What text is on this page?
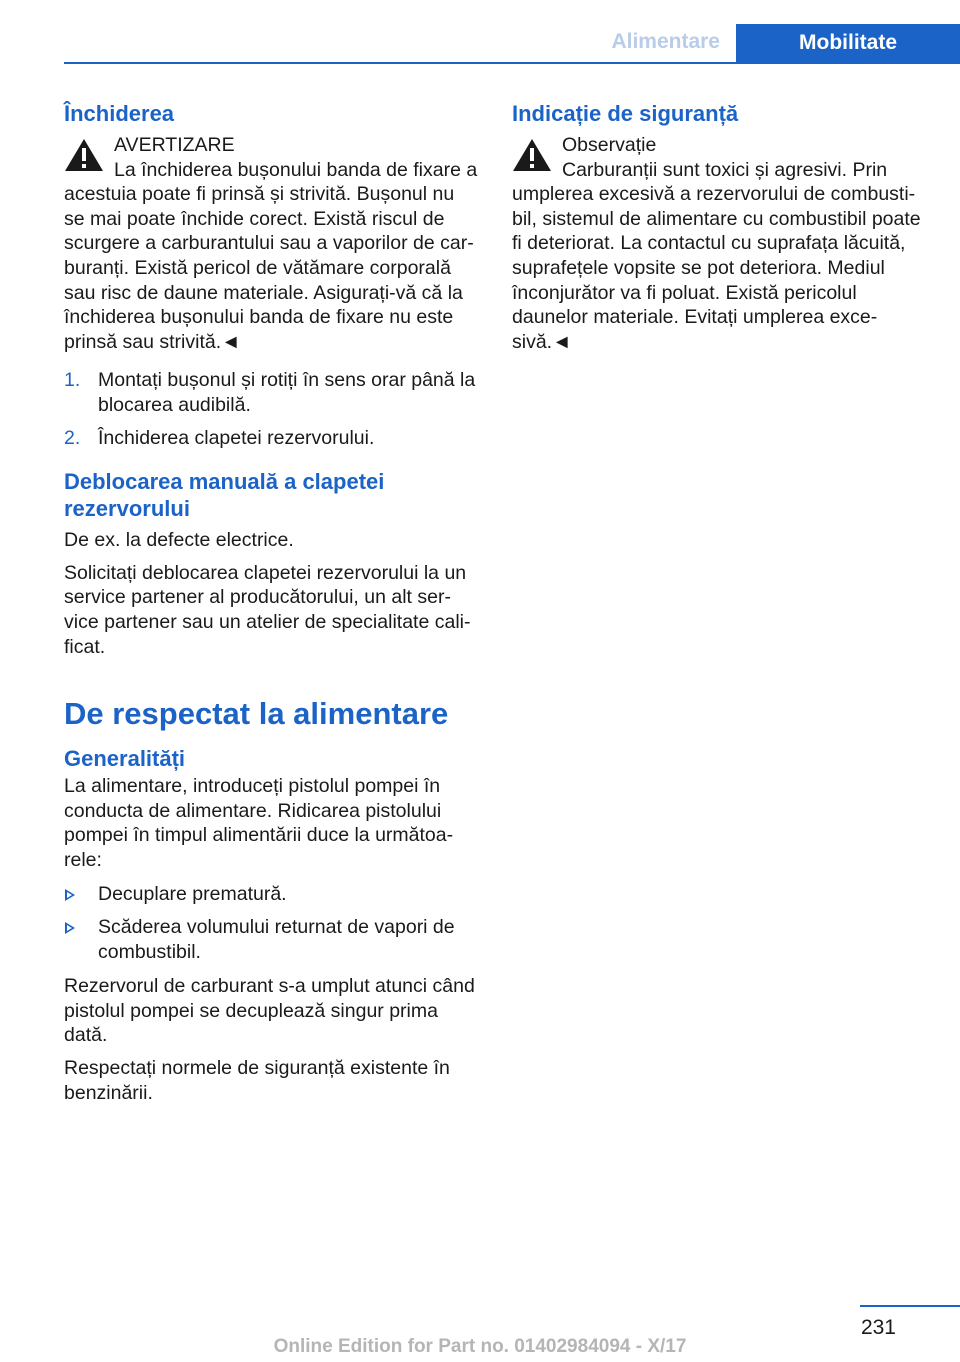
Alimentare	Mobilitate
Închiderea
AVERTIZARE
La închiderea bușonului banda de fixare a acestuia poate fi prinsă și strivită. Bușonul nu se mai poate închide corect. Există riscul de scurgere a carburantului sau a vaporilor de car-buranți. Există pericol de vătămare corporală sau risc de daune materiale. Asigurați-vă că la închiderea bușonului banda de fixare nu este prinsă sau strivită.◄
1. Montați bușonul și rotiți în sens orar până la blocarea audibilă.
2. Închiderea clapetei rezervorului.
Deblocarea manuală a clapetei rezervorului

De ex. la defecte electrice.

Solicitați deblocarea clapetei rezervorului la un service partener al producătorului, un alt ser-vice partener sau un atelier de specialitate cali-ficat.

De respectat la alimentare
Generalități

La alimentare, introduceți pistolul pompei în conducta de alimentare. Ridicarea pistolului pompei în timpul alimentării duce la următoa-rele:

Decuplare prematură.
Scăderea volumului returnat de vapori de combustibil.

Rezervorul de carburant s-a umplut atunci când pistolul pompei se decuplează singur prima dată.

Respectați normele de siguranță existente în benzinării.

Indicație de siguranță
Observație
Carburanții sunt toxici și agresivi. Prin umplerea excesivă a rezervorului de combusti-bil, sistemul de alimentare cu combustibil poate fi deteriorat. La contactul cu suprafața lăcuită, suprafețele vopsite se pot deteriora. Mediul înconjurător va fi poluat. Există pericolul daunelor materiale. Evitați umplerea exce-sivă.◄
231
Online Edition for Part no. 01402984094 - X/17
